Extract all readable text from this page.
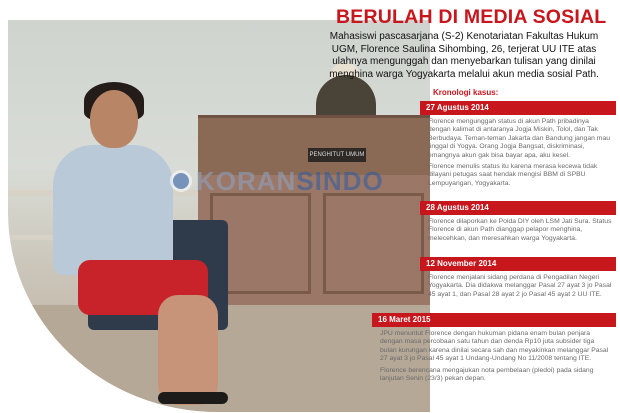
PENGHITUT UMUM
KORANSINDO
BERULAH DI MEDIA SOSIAL

Mahasiswi pascasarjana (S-2) Kenotariatan Fakultas Hukum UGM, Florence Saulina Sihombing, 26, terjerat UU ITE atas ulahnya mengunggah dan menyebarkan tulisan yang dinilai menghina warga Yogyakarta melalui akun media sosial Path.

Kronologi kasus:
27 Agustus 2014

Florence mengunggah status di akun Path pribadinya dengan kalimat di antaranya Jogja Miskin, Tolol, dan Tak Berbudaya. Teman-teman Jakarta dan Bandung jangan mau tinggal di Yogya. Orang Jogja Bangsat, diskriminasi, emangnya akun gak bisa bayar apa, aku kesel.

Florence menulis status itu karena merasa kecewa tidak dilayani petugas saat hendak mengisi BBM di SPBU Lempuyangan, Yogyakarta.

28 Agustus 2014

Florence dilaporkan ke Polda DIY oleh LSM Jati Sura. Status Florence di akun Path dianggap pelapor menghina, melecehkan, dan meresahkan warga Yogyakarta.

12 November 2014

Florence menjalani sidang perdana di Pengadilan Negeri Yogyakarta. Dia didakwa melanggar Pasal 27 ayat 3 jo Pasal 45 ayat 1, dan Pasal 28 ayat 2 jo Pasal 45 ayat 2 UU ITE.

16 Maret 2015

JPU menuntut Florence dengan hukuman pidana enam bulan penjara dengan masa percobaan satu tahun dan denda Rp10 juta subsider tiga bulan kurungan karena dinilai secara sah dan meyakinkan melanggar Pasal 27 ayat 3 jo Pasal 45 ayat 1 Undang-Undang No 11/2008 tentang ITE.

Florence berencana mengajukan nota pembelaan (pledoi) pada sidang lanjutan Senin (23/3) pekan depan.
